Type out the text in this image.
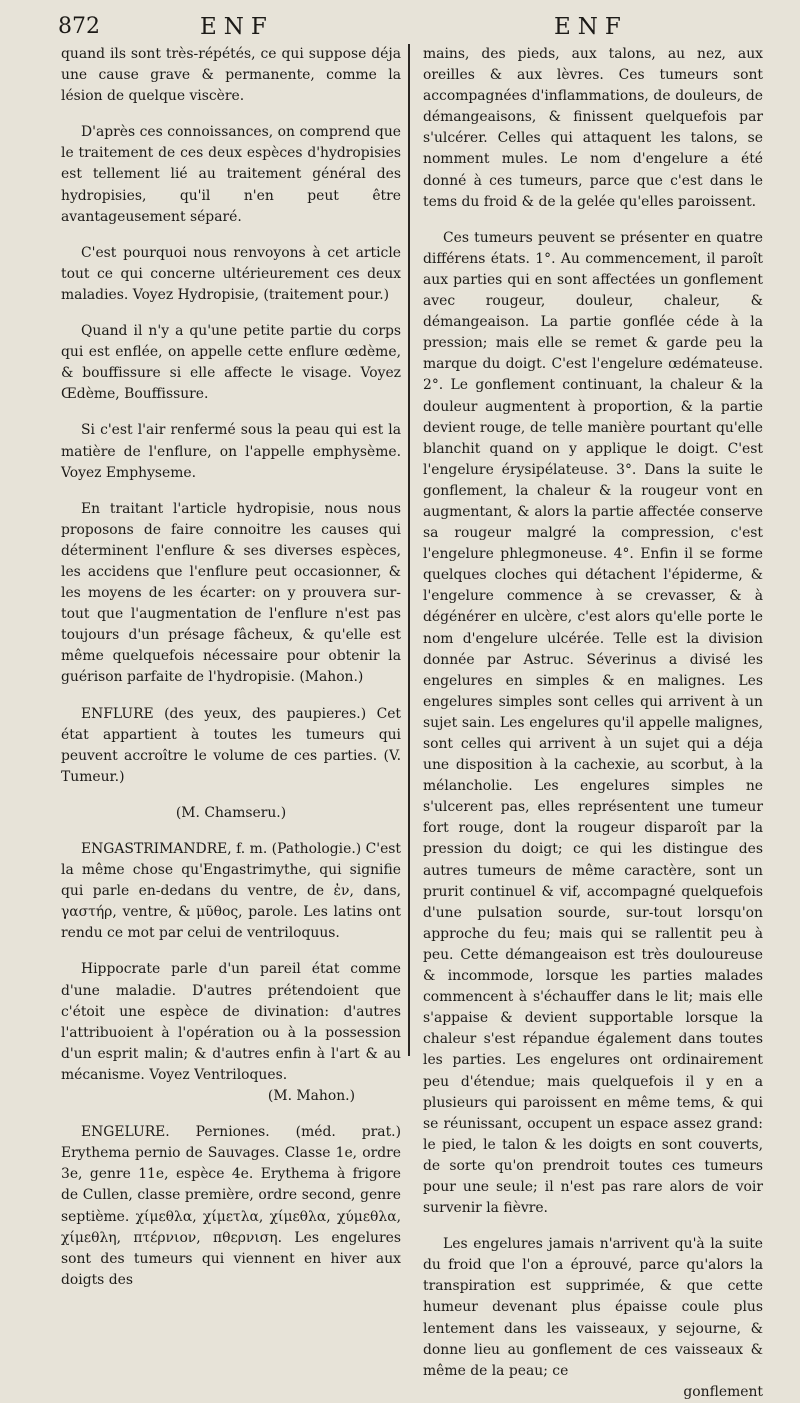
872	ENF	ENF

quand ils sont très-répétés, ce qui suppose déja une cause grave & permanente, comme la lésion de quelque viscère.

D'après ces connoissances, on comprend que le traitement de ces deux espèces d'hydropisies est tellement lié au traitement général des hydropisies, qu'il n'en peut être avantageusement séparé.

C'est pourquoi nous renvoyons à cet article tout ce qui concerne ultérieurement ces deux maladies. Voyez Hydropisie, (traitement pour.)

Quand il n'y a qu'une petite partie du corps qui est enflée, on appelle cette enflure œdème, & bouffissure si elle affecte le visage. Voyez Œdème, Bouffissure.

Si c'est l'air renfermé sous la peau qui est la matière de l'enflure, on l'appelle emphysème. Voyez Emphyseme.

En traitant l'article hydropisie, nous nous proposons de faire connoitre les causes qui déterminent l'enflure & ses diverses espèces, les accidens que l'enflure peut occasionner, & les moyens de les écarter: on y prouvera sur-tout que l'augmentation de l'enflure n'est pas toujours d'un présage fâcheux, & qu'elle est même quelquefois nécessaire pour obtenir la guérison parfaite de l'hydropisie. (Mahon.)

ENFLURE (des yeux, des paupieres.) Cet état appartient à toutes les tumeurs qui peuvent accroître le volume de ces parties. (V. Tumeur.)

(M. Chamseru.)

ENGASTRIMANDRE, f. m. (Pathologie.) C'est la même chose qu'Engastrimythe, qui signifie qui parle en-dedans du ventre, de ἐν, dans, γαστήρ, ventre, & μῦθος, parole. Les latins ont rendu ce mot par celui de ventriloquus.

Hippocrate parle d'un pareil état comme d'une maladie. D'autres prétendoient que c'étoit une espèce de divination: d'autres l'attribuoient à l'opération ou à la possession d'un esprit malin; & d'autres enfin à l'art & au mécanisme. Voyez Ventriloques.

(M. Mahon.)

ENGELURE. Perniones. (méd. prat.) Erythema pernio de Sauvages. Classe 1e, ordre 3e, genre 11e, espèce 4e. Erythema à frigore de Cullen, classe première, ordre second, genre septième. χίμεθλα, χίμετλα, χίμεθλα, χύμεθλα, χίμεθλη, πτέρνιον, πθερνιση. Les engelures sont des tumeurs qui viennent en hiver aux doigts des

mains, des pieds, aux talons, au nez, aux oreilles & aux lèvres. Ces tumeurs sont accompagnées d'inflammations, de douleurs, de démangeaisons, & finissent quelquefois par s'ulcérer. Celles qui attaquent les talons, se nomment mules. Le nom d'engelure a été donné à ces tumeurs, parce que c'est dans le tems du froid & de la gelée qu'elles paroissent.

Ces tumeurs peuvent se présenter en quatre différens états. 1°. Au commencement, il paroît aux parties qui en sont affectées un gonflement avec rougeur, douleur, chaleur, & démangeaison. La partie gonflée céde à la pression; mais elle se remet & garde peu la marque du doigt. C'est l'engelure œdémateuse. 2°. Le gonflement continuant, la chaleur & la douleur augmentent à proportion, & la partie devient rouge, de telle manière pourtant qu'elle blanchit quand on y applique le doigt. C'est l'engelure érysipélateuse. 3°. Dans la suite le gonflement, la chaleur & la rougeur vont en augmentant, & alors la partie affectée conserve sa rougeur malgré la compression, c'est l'engelure phlegmoneuse. 4°. Enfin il se forme quelques cloches qui détachent l'épiderme, & l'engelure commence à se crevasser, & à dégénérer en ulcère, c'est alors qu'elle porte le nom d'engelure ulcérée. Telle est la division donnée par Astruc. Séverinus a divisé les engelures en simples & en malignes. Les engelures simples sont celles qui arrivent à un sujet sain. Les engelures qu'il appelle malignes, sont celles qui arrivent à un sujet qui a déja une disposition à la cachexie, au scorbut, à la mélancholie. Les engelures simples ne s'ulcerent pas, elles représentent une tumeur fort rouge, dont la rougeur disparoît par la pression du doigt; ce qui les distingue des autres tumeurs de même caractère, sont un prurit continuel & vif, accompagné quelquefois d'une pulsation sourde, sur-tout lorsqu'on approche du feu; mais qui se rallentit peu à peu. Cette démangeaison est très douloureuse & incommode, lorsque les parties malades commencent à s'échauffer dans le lit; mais elle s'appaise & devient supportable lorsque la chaleur s'est répandue également dans toutes les parties. Les engelures ont ordinairement peu d'étendue; mais quelquefois il y en a plusieurs qui paroissent en même tems, & qui se réunissant, occupent un espace assez grand: le pied, le talon & les doigts en sont couverts, de sorte qu'on prendroit toutes ces tumeurs pour une seule; il n'est pas rare alors de voir survenir la fièvre.

Les engelures jamais n'arrivent qu'à la suite du froid que l'on a éprouvé, parce qu'alors la transpiration est supprimée, & que cette humeur devenant plus épaisse coule plus lentement dans les vaisseaux, y sejourne, & donne lieu au gonflement de ces vaisseaux & même de la peau; ce

gonflement
